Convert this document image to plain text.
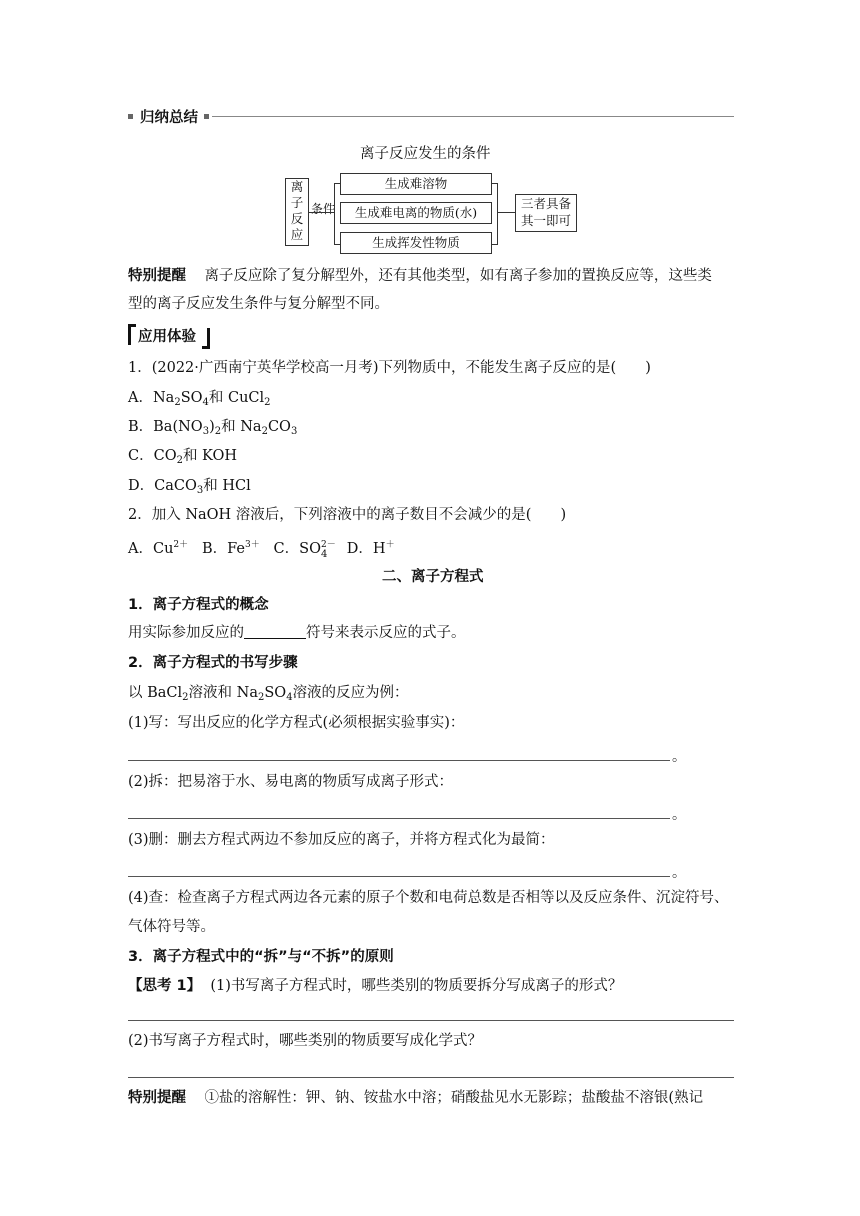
归纳总结
离子反应发生的条件
离
子
反
应
条件
生成难溶物
生成难电离的物质(水)
生成挥发性物质
三者具备
其一即可
特别提醒 离子反应除了复分解型外，还有其他类型，如有离子参加的置换反应等，这些类
型的离子反应发生条件与复分解型不同。
应用体验
1．(2022·广西南宁英华学校高一月考)下列物质中，不能发生离子反应的是(　　)
A．$Na_2SO_4$和 CuCl$_2$
B．$Ba(NO_3)_2$和 $Na_2CO_3$
C．$CO_2$和 KOH
D．CaCO$_3$和 HCl
2．加入 NaOH 溶液后，下列溶液中的离子数目不会减少的是(　　)
A．$Cu^{2+}$ B．$Fe^{3+}$ C．SO 2－
4 D．H＋
二、离子方程式
1．离子方程式的概念
用实际参加反应的	符号来表示反应的式子。
2．离子方程式的书写步骤
以 BaCl$_2$溶液和 $Na_2SO_4$溶液的反应为例：
(1)写：写出反应的化学方程式(必须根据实验事实)：
。
(2)拆：把易溶于水、易电离的物质写成离子形式：
。
(3)删：删去方程式两边不参加反应的离子，并将方程式化为最简：
。
(4)查：检查离子方程式两边各元素的原子个数和电荷总数是否相等以及反应条件、沉淀符号、
气体符号等。
3．离子方程式中的“拆”与“不拆”的原则
【思考 1】 (1)书写离子方程式时，哪些类别的物质要拆分写成离子的形式？
(2)书写离子方程式时，哪些类别的物质要写成化学式？
特别提醒 ①盐的溶解性：钾、钠、铵盐水中溶；硝酸盐见水无影踪；盐酸盐不溶银(熟记
